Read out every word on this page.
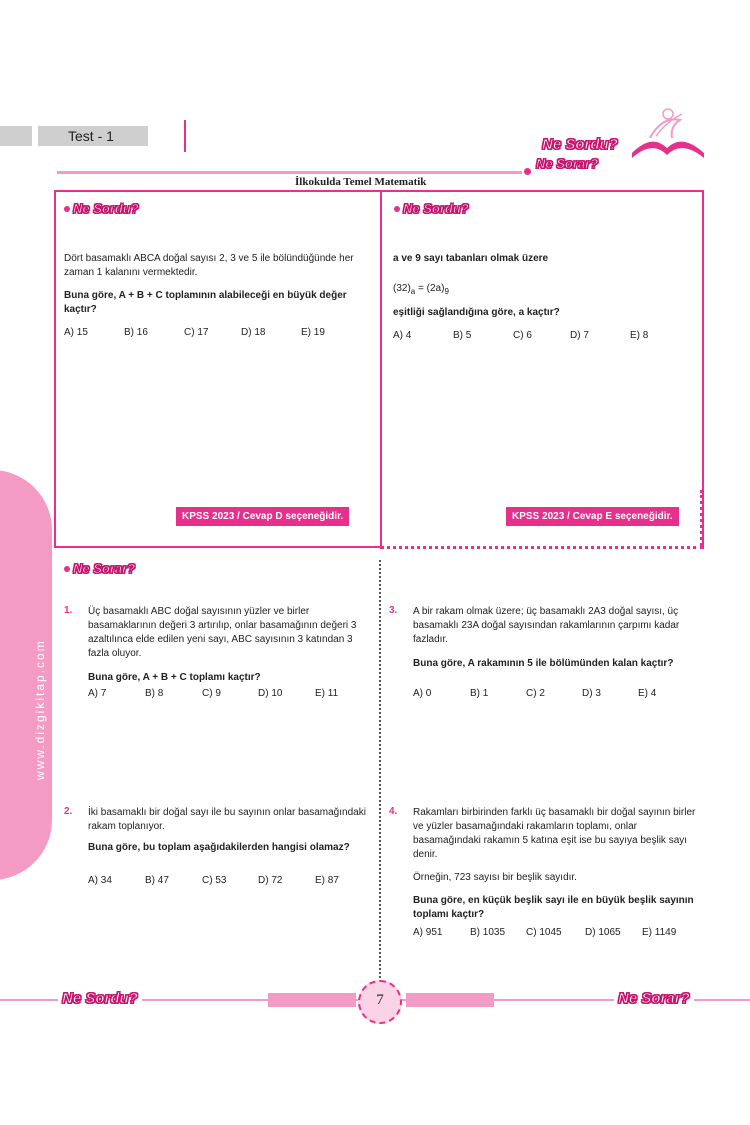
Test - 1	Ne Sordu?
Ne Sorar?
İlkokulda Temel Matematik
www.dizgikitap.com
Ne Sordu?
Dört basamaklı ABCA doğal sayısı 2, 3 ve 5 ile bölündüğünde her zaman 1 kalanını vermektedir.
Buna göre, A + B + C toplamının alabileceği en büyük değer kaçtır?
A) 15	B) 16	C) 17	D) 18	E) 19
KPSS 2023 / Cevap D seçeneğidir.
Ne Sordu?
a ve 9 sayı tabanları olmak üzere
$(32)_a = (2a)_9$
eşitliği sağlandığına göre, a kaçtır?
A) 4	B) 5	C) 6	D) 7	E) 8
KPSS 2023 / Cevap E seçeneğidir.
Ne Sorar?
1. Üç basamaklı ABC doğal sayısının yüzler ve birler basamaklarının değeri 3 artırılıp, onlar basamağının değeri 3 azaltılınca elde edilen yeni sayı, ABC sayısının 3 katından 3 fazla oluyor.
Buna göre, A + B + C toplamı kaçtır?
A) 7	B) 8	C) 9	D) 10	E) 11
2. İki basamaklı bir doğal sayı ile bu sayının onlar basamağındaki rakam toplanıyor.
Buna göre, bu toplam aşağıdakilerden hangisi olamaz?
A) 34	B) 47	C) 53	D) 72	E) 87
3. A bir rakam olmak üzere; üç basamaklı 2A3 doğal sayısı, üç basamaklı 23A doğal sayısından rakamlarının çarpımı kadar fazladır.
Buna göre, A rakamının 5 ile bölümünden kalan kaçtır?
A) 0	B) 1	C) 2	D) 3	E) 4
4. Rakamları birbirinden farklı üç basamaklı bir doğal sayının birler ve yüzler basamağındaki rakamların toplamı, onlar basamağındaki rakamın 5 katına eşit ise bu sayıya beşlik sayı denir.
Örneğin, 723 sayısı bir beşlik sayıdır.
Buna göre, en küçük beşlik sayı ile en büyük beşlik sayının toplamı kaçtır?
A) 951	B) 1035	C) 1045	D) 1065	E) 1149
Ne Sordu?	Ne Sorar?
7
